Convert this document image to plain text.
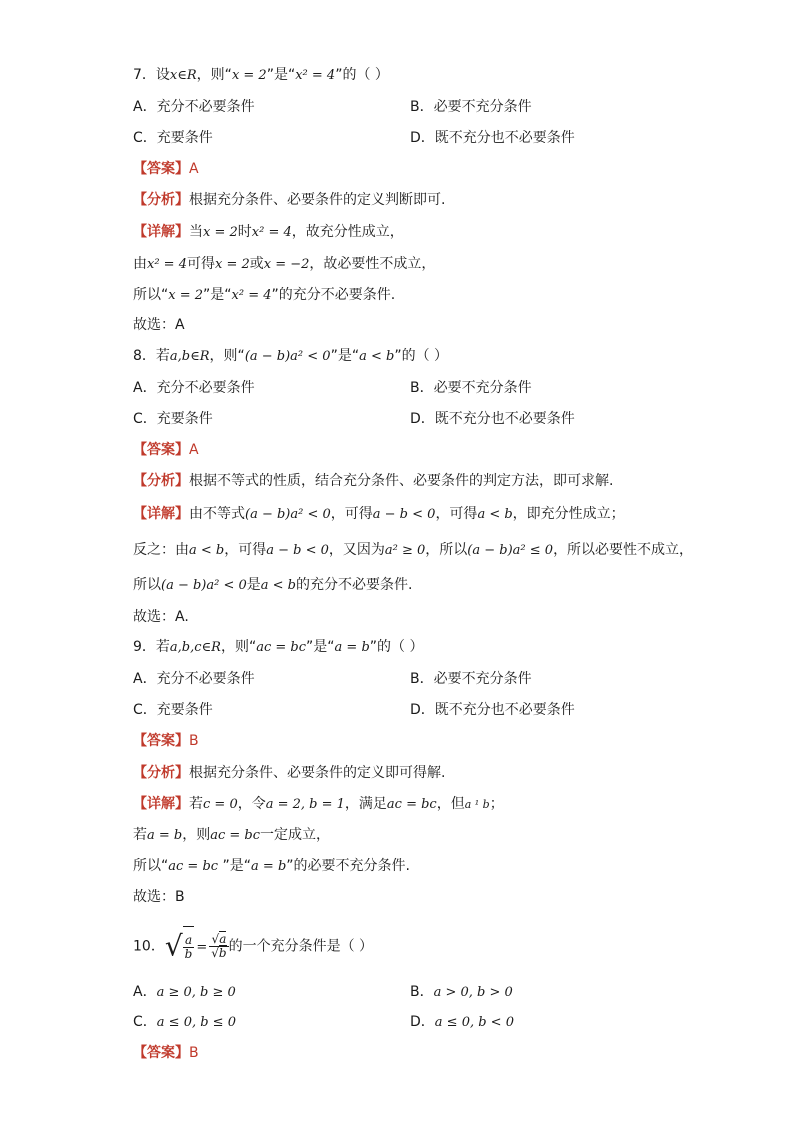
7．设x∈R，则“x = 2”是“x² = 4”的（ ）
A．充分不必要条件	B．必要不充分条件
C．充要条件	D．既不充分也不必要条件
【答案】A
【分析】根据充分条件、必要条件的定义判断即可.
【详解】当x = 2时x² = 4，故充分性成立，
由x² = 4可得x = 2或x = −2，故必要性不成立，
所以“x = 2”是“x² = 4”的充分不必要条件.
故选：A
8．若a,b∈R，则“(a − b)a² < 0”是“a < b”的（ ）
A．充分不必要条件	B．必要不充分条件
C．充要条件	D．既不充分也不必要条件
【答案】A
【分析】根据不等式的性质，结合充分条件、必要条件的判定方法，即可求解.
【详解】由不等式(a − b)a² < 0，可得a − b < 0，可得a < b，即充分性成立；
反之：由a < b，可得a − b < 0，又因为a² ≥ 0，所以(a − b)a² ≤ 0，所以必要性不成立，
所以(a − b)a² < 0是a < b的充分不必要条件.
故选：A.
9．若a,b,c∈R，则“ac = bc”是“a = b”的（ ）
A．充分不必要条件	B．必要不充分条件
C．充要条件	D．既不充分也不必要条件
【答案】B
【分析】根据充分条件、必要条件的定义即可得解.
【详解】若c = 0，令a = 2, b = 1，满足ac = bc，但a ¹ b；
若a = b，则ac = bc一定成立，
所以“ac = bc ”是“a = b”的必要不充分条件.
故选：B
10．√ $\frac{a}{b} = \frac{√a}{√b}$ 的一个充分条件是（ ）
A．a ≥ 0, b ≥ 0	B．a > 0, b > 0
C．a ≤ 0, b ≤ 0	D．a ≤ 0, b < 0
【答案】B
